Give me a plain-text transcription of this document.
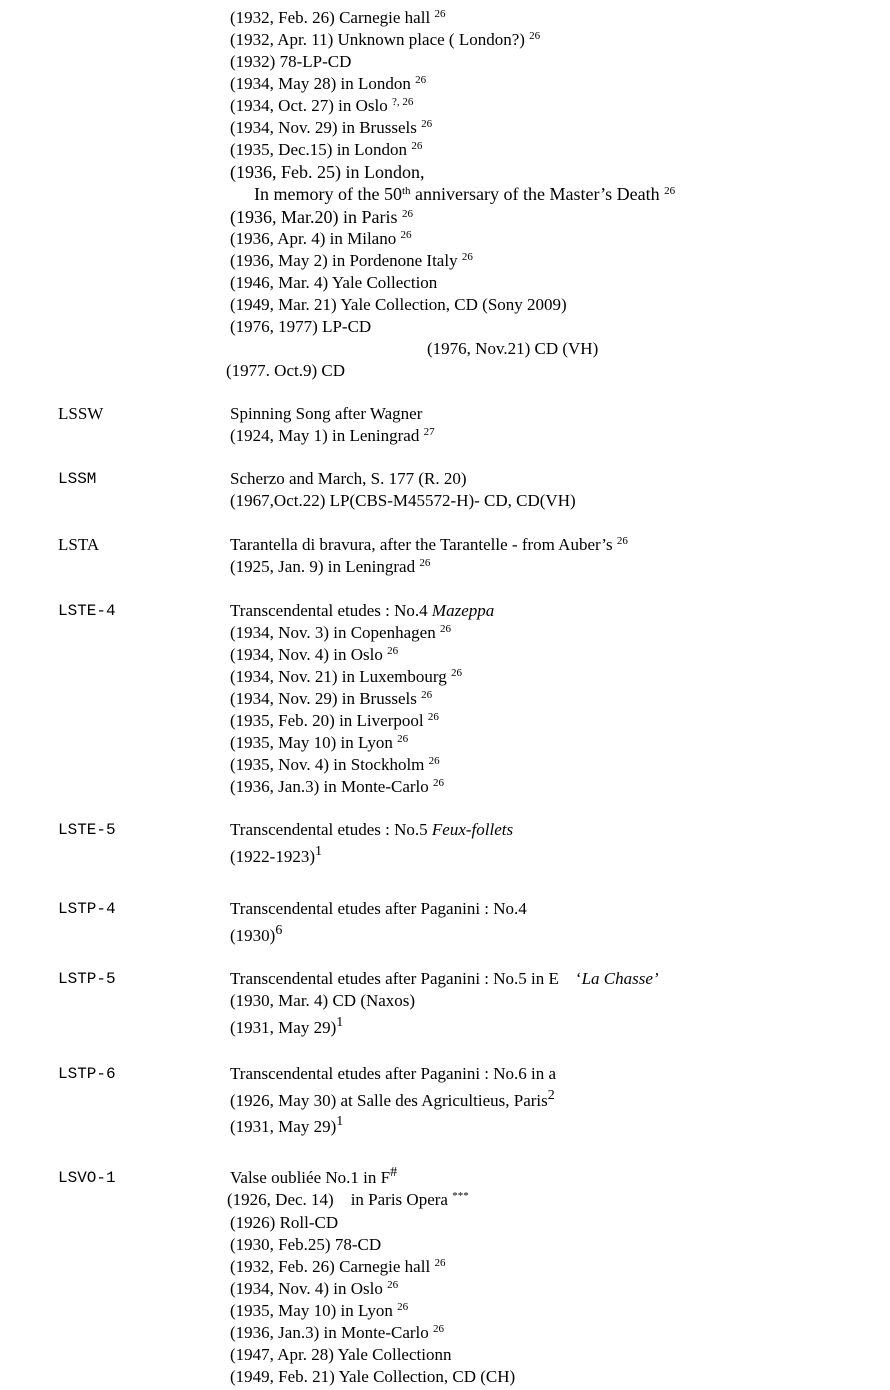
(1932, Feb. 26) Carnegie hall $^{26}$
(1932, Apr. 11) Unknown place ( London?) $^{26}$
(1932) 78-LP-CD
(1934, May 28) in London $^{26}$
(1934, Oct. 27) in Oslo $^{?, 26}$
(1934, Nov. 29) in Brussels $^{26}$
(1935, Dec.15) in London $^{26}$
(1936, Feb. 25) in London,
In memory of the 50th anniversary of the Master’s Death $^{26}$
(1936, Mar.20) in Paris $^{26}$
(1936, Apr. 4) in Milano $^{26}$
(1936, May 2) in Pordenone Italy $^{26}$
(1946, Mar. 4) Yale Collection
(1949, Mar. 21) Yale Collection, CD (Sony 2009)
(1976, 1977) LP-CD
(1976, Nov.21) CD (VH)
(1977. Oct.9) CD
LSSW	Spinning Song after Wagner
(1924, May 1) in Leningrad $^{27}$
LSSM	Scherzo and March, S. 177 (R. 20)
(1967,Oct.22) LP(CBS-M45572-H)- CD, CD(VH)
LSTA	Tarantella di bravura, after the Tarantelle - from Auber’s $^{26}$
(1925, Jan. 9) in Leningrad $^{26}$
LSTE-4	Transcendental etudes : No.4 Mazeppa
(1934, Nov. 3) in Copenhagen $^{26}$
(1934, Nov. 4) in Oslo $^{26}$
(1934, Nov. 21) in Luxembourg $^{26}$
(1934, Nov. 29) in Brussels $^{26}$
(1935, Feb. 20) in Liverpool $^{26}$
(1935, May 10) in Lyon $^{26}$
(1935, Nov. 4) in Stockholm $^{26}$
(1936, Jan.3) in Monte-Carlo $^{26}$
LSTE-5	Transcendental etudes : No.5 Feux-follets
(1922-1923)$^1$
LSTP-4	Transcendental etudes after Paganini : No.4
$(1930)^6$
LSTP-5	Transcendental etudes after Paganini : No.5 in E    ‘La Chasse’
(1930, Mar. 4) CD (Naxos)
(1931, May 29)$^1$
LSTP-6	Transcendental etudes after Paganini : No.6 in a
(1926, May 30) at Salle des Agricultieus, Paris$^2$
(1931, May 29)$^1$
LSVO-1	Valse oubliée No.1 in F#
(1926, Dec. 14)    in Paris Opera ***
(1926) Roll-CD
(1930, Feb.25) 78-CD
(1932, Feb. 26) Carnegie hall $^{26}$
(1934, Nov. 4) in Oslo $^{26}$
(1935, May 10) in Lyon $^{26}$
(1936, Jan.3) in Monte-Carlo $^{26}$
(1947, Apr. 28) Yale Collectionn
(1949, Feb. 21) Yale Collection, CD (CH)
